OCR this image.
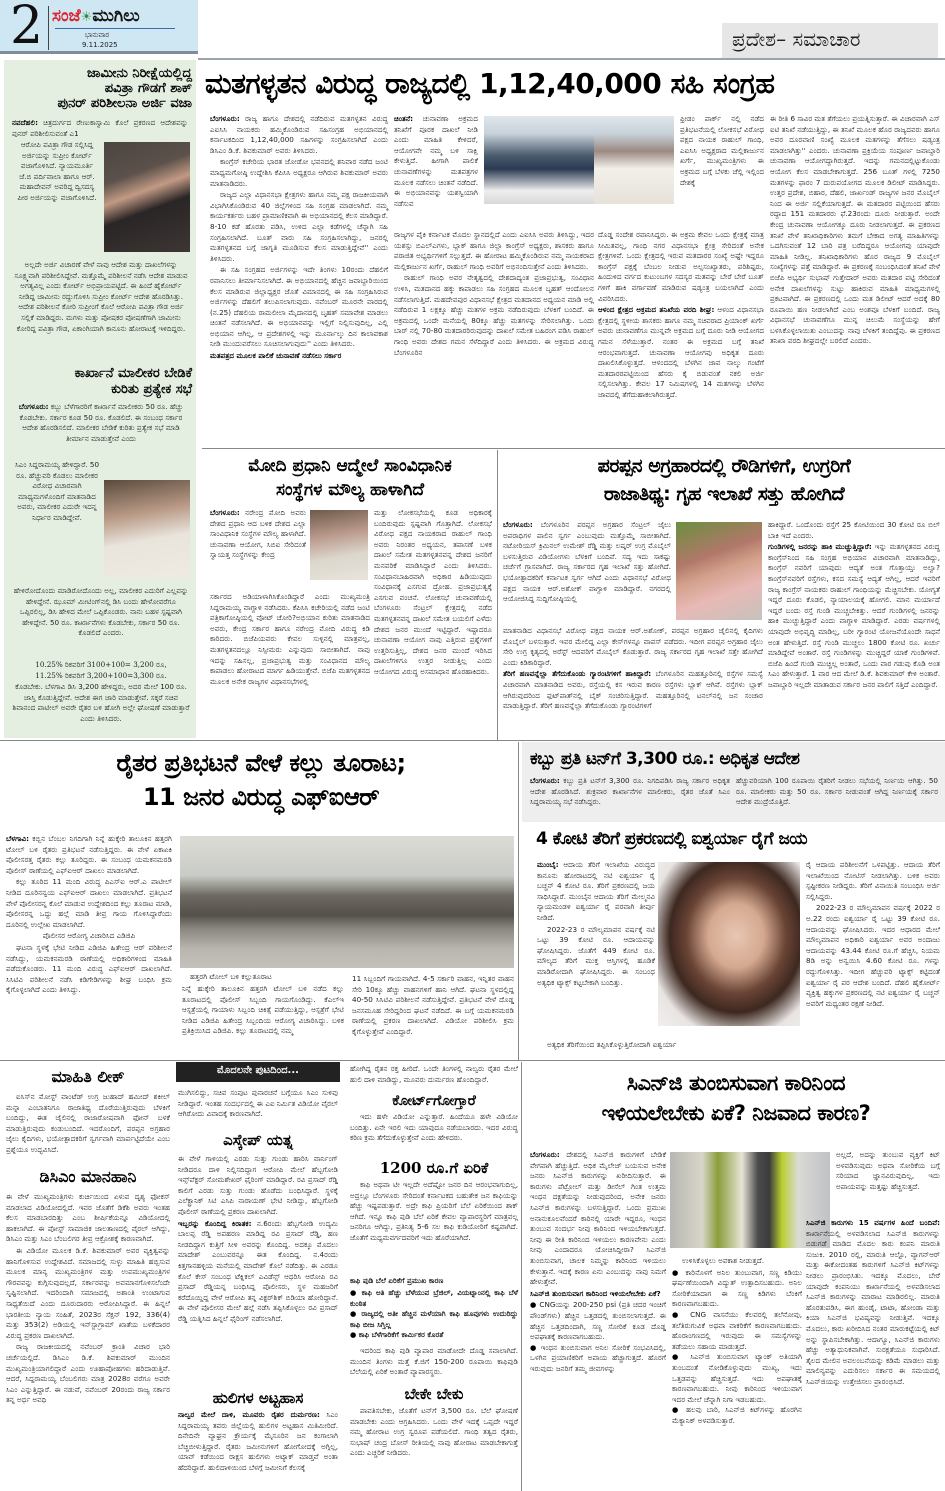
2 ಸಂಜೆ☀ಮುಗಿಲು
ಭಾನುವಾರ
9.11.2025	ಪ್ರದೇಶ– ಸಮಾಚಾರ
ಜಾಮೀನು ನಿರೀಕ್ಷೆಯಲ್ಲಿದ್ದ
ಪವಿತ್ರಾ ಗೌಡಗೆ ಶಾಕ್
ಪುನರ್ ಪರಿಶೀಲನಾ ಅರ್ಜಿ ವಜಾ
ನವದೆಹಲಿ: ಚಿತ್ರದುರ್ಗದ ರೇಣುಕಾಸ್ವಾಮಿ ಕೊಲೆ ಪ್ರಕರಣದ ಆದೇಶವನ್ನು ಪುನರ್ ಪರಿಶೀಲಿಸುವಂತೆ ಎ1
ಆರೋಪಿ ಪವಿತ್ರಾ ಗೌಡ ಸಲ್ಲಿಸಿದ್ದ ಅರ್ಜಿಯನ್ನು ಸುಪ್ರೀಂ ಕೋರ್ಟ್ ವಜಾಗೊಳಿಸಿದೆ. ನ್ಯಾಯಮೂರ್ತಿ ಜೆ.ಬಿ ಪರ್ದಿವಾಲಾ ಹಾಗೂ ಆರ್. ಮಹಾದೇವನ್ ಅವರಿದ್ದ ದ್ವಿಸದಸ್ಯ ಪೀಠ ಅರ್ಜಿಯನ್ನು ವಜಾಗೊಳಿಸಿದೆ.
ಅಲ್ಲದೇ ಅರ್ಜಿ ವಿಚಾರಣೆ ವೇಳೆ ನಾವು ಆದೇಶ ಮತ್ತು ದಾಖಲೆಗಳನ್ನು ಸೂಕ್ಷ್ಮವಾಗಿ ಪರಿಶೀಲಿಸಿದ್ದೇವೆ. ಮತ್ತೊಮ್ಮೆ ಪರಿಶೀಲನೆ ನಡೆಸಿ ಆದೇಶ ಮಾಡುವ ಅಗತ್ಯವಿಲ್ಲ ಎಂದು ಕೋರ್ಟ್ ಅಭಿಪ್ರಾಯಪಟ್ಟಿದೆ. ಈ ಹಿಂದೆ ಹೈಕೋರ್ಟ್ ನೀಡಿದ್ದ ಜಾಮೀನು ರದ್ದುಗೊಳಿಸಿ ಸುಪ್ರೀಂ ಕೋರ್ಟ್ ಆದೇಶ ಹೊರಡಿಸಿತ್ತು. ಆದೇಶ ಪರಿಶೀಲನೆ ಕೋರಿ ಸುಪ್ರೀಂಗೆ ಕೊಲೆ ಆರೋಪಿ ಪವಿತ್ರಾ ಗೌಡ ಅರ್ಜಿ ಸಲ್ಲಿಕೆ ಮಾಡಿದ್ದರು. ಮಗಳು ಮತ್ತು ಪೋಷಕರ ಪೋಷಣೆಗಾಗಿ ಜಾಮೀನು ಕೋರಿದ್ದ ಪವಿತ್ರಾ ಗೌಡ, ಏಕಾಂಗಿಯಾಗಿ ಕಾನೂನು ಹೋರಾಟಕ್ಕೆ ಇಳಿದಿದ್ದರು.
ಕಾರ್ಖಾನೆ ಮಾಲೀಕರ ಬೇಡಿಕೆ
ಕುರಿತು ಪ್ರತ್ಯೇಕ ಸಭೆ
ಬೆಂಗಳೂರು: ಕಬ್ಬು ಬೆಳೆಗಾರರಿಗೆ ಕಾರ್ಖಾನೆ ಮಾಲೀಕರು 50 ರೂ. ಹೆಚ್ಚು ಕೊಡಬೇಕು. ಸರ್ಕಾರ ಕೂಡ 50 ರೂ. ಕೊಡಲಿದೆ. ಈ ಸಂಬಂಧ ಸರ್ಕಾರ ಆದೇಶ ಹೊರಡಿಸಲಿದೆ. ಮಾಲೀಕರ ಬೇಡಿಕೆ ಕುರಿತು ಪ್ರತ್ಯೇಕ ಸಭೆ ಮಾಡಿ ತೀರ್ಮಾನ ಮಾಡುತ್ತೇವೆ ಎಂದು
ಸಿಎಂ ಸಿದ್ದರಾಮಯ್ಯ ಹೇಳಿದ್ದಾರೆ. 50 ರೂ. ಹೆಚ್ಚುವರಿ ಕೊಡಲು ಮಾಲೀಕರ ವಿರೋಧ ವಿಚಾರವಾಗಿ ಮಾಧ್ಯಮಗಳೊಂದಿಗೆ ಮಾತನಾಡಿದ ಅವರು, ಮಾಲೀಕರ ಎದುರೇ ಇದನ್ನ ನಿರ್ಧಾರ ಮಾಡಿದ್ದೇವೆ.
ಹೇಳಿರೋದೊಂದು ಮಾಡಿರೋದೊಂದು ಅಲ್ಲ, ಮಾಲೀಕರ ಎದುರಿಗೆ ಎಲ್ಲವನ್ನು ಹೇಳಿದ್ದೇನೆ. ಝೂಮ್ ಮೀಟಿಂಗ್‌ನಲ್ಲಿ ಡಿಸಿ ಬಂದು ಹೇಳೋವರೆಗೂ ಒಪ್ಪಿರಲಿಲ್ಲ, ಡಿಸಿ ಹೇಳಿದ ಮೇಲೆ ಒಪ್ಪಿಕೊಂಡರು. ನಾನು ಬಹಳ ಸ್ಪಷ್ಟವಾಗಿ ಹೇಳಿದ್ದೇನೆ. 50 ರೂ. ಕಾರ್ಖಾನೆಗಳು ಕೊಡಬೇಕು, ಸರ್ಕಾರ 50 ರೂ. ಕೊಡಲಿದೆ ಎಂದರು.
10.25% ರಿಕವರಿಗೆ 3100+100= 3,200 ರೂ,
11.25% ರಿಕವರಿಗೆ 3,200+100=3,300 ರೂ.
ಕೊಡಬೇಕು. ಬೆಳಗಾವಿ ಡಿಸಿ 3,200 ಹೇಳಿದ್ದರು, ಅದರ ಮೇಲೆ 100 ರೂ. ಜಾಸ್ತಿ ಕೊಡುತ್ತಿದ್ದೇವೆ. ಆದೇಶ ಈಗ ಜಾರಿ ಮಾಡುತ್ತೇವೆ. ಸಕ್ಕರೆ ಸಚಿವ ಶಿವಾನಂದ ಪಾಟೀಲ್ ಅವರೇ ರೈತರ ಬಳಿ ಹೋಗಿ ಅಲ್ಲೇ ಘೋಷಣೆ ಮಾಡುತ್ತಾರೆ ಎಂದು ತಿಳಿಸಿದರು.
ಮತಗಳ್ಳತನ ವಿರುದ್ಧ ರಾಜ್ಯದಲ್ಲಿ 1,12,40,000 ಸಹಿ ಸಂಗ್ರಹ

ಬೆಂಗಳೂರು: ರಾಜ್ಯ ಹಾಗೂ ದೇಶದಲ್ಲಿ ನಡೆದಿರುವ ಮತಗಳ್ಳತನ ವಿರುದ್ಧ ಎಐಸಿಸಿ ನಾಯಕರು ಹಮ್ಮಿಕೊಂಡಿರುವ ಸಹಿಸಂಗ್ರಹ ಅಭಿಯಾನದಲ್ಲಿ ಕರ್ನಾಟಕದಿಂದ 1,12,40,000 ಸಹಿಗಳನ್ನು ಸಂಗ್ರಹಿಸಲಾಗಿದೆ ಎಂದು ಡಿಸಿಎಂ ಡಿ.ಕೆ. ಶಿವಕುಮಾರ್ ಅವರು ತಿಳಿಸಿದರು.

ಕಾಂಗ್ರೆಸ್ ಕಚೇರಿಯ ಭಾರತ ಜೋಡೋ ಭವನದಲ್ಲಿ ಶನಿವಾರ ನಡೆದ ಜಂಟಿ ಮಾಧ್ಯಮಗೋಷ್ಠಿ ಉದ್ದೇಶಿಸಿ ಕೆಪಿಸಿಸಿ ಅಧ್ಯಕ್ಷರೂ ಆಗಿರುವ ಶಿವಕುಮಾರ್ ಅವರು ಮಾತನಾಡಿದರು.

ರಾಜ್ಯದ ಎಲ್ಲಾ ವಿಧಾನಸಭಾ ಕ್ಷೇತ್ರಗಳು ಹಾಗೂ ನಮ್ಮ ಪಕ್ಷ ರಾಜಕೀಯವಾಗಿ ವಿಭಾಗಿಸಿಕೊಂಡಿರುವ 40 ಜಿಲ್ಲೆಗಳಿಂದ ಸಹಿ ಸಂಗ್ರಹ ಮಾಡಲಾಗಿದೆ. ನಮ್ಮ ಕಾರ್ಯಕರ್ತರು ಬಹಳ ಪ್ರಾಮಾಣಿಕವಾಗಿ ಈ ಅಭಿಯಾನದಲ್ಲಿ ಕೆಲಸ ಮಾಡಿದ್ದಾರೆ. 8-10 ಕಡೆ ಹೊರತು ಪಡಿಸಿ, ಉಳಿದ ಎಲ್ಲಾ ಕಡೆಗಳಲ್ಲಿ ಚೆನ್ನಾಗಿ ಸಹಿ ಸಂಗ್ರಹಿಸಲಾಗಿದೆ. ಬೂತ್ ವಾರು ಸಹಿ ಸಂಗ್ರಹಿಸಲಾಗಿದ್ದು, ಜನರಲ್ಲಿ ಮತಗಳ್ಳತನದ ಬಗ್ಗೆ ಜಾಗೃತಿ ಮೂಡಿಸುವ ಕೆಲಸ ಮಾಡುತ್ತಿದ್ದೇವೆ'' ಎಂದು ತಿಳಿಸಿದರು.

ಈ ಸಹಿ ಸಂಗ್ರಹದ ಅರ್ಜಿಗಳನ್ನು ಇದೇ ತಿಂಗಳು 10ರಂದು ದೆಹಲಿಗೆ ರವಾನಿಸಲು ತೀರ್ಮಾನಿಸಲಾಗಿದೆ. ಈ ಅಭಿಯಾನದಲ್ಲಿ ಹೆಚ್ಚಿನ ಜವಾಬ್ದಾರಿಯಿಂದ ಕೆಲಸ ಮಾಡಿರುವ ಜಿಲ್ಲಾಧ್ಯಕ್ಷರ ಜೊತೆ ವಿಮಾನದಲ್ಲಿ ಈ ಸಹಿ ಸಂಗ್ರಹಿಸಿರುವ ಅರ್ಜಿಗಳನ್ನು ದೆಹಲಿಗೆ ತಲುಪಿಸಲಾಗುವುದು. ನವೆಂಬರ್ ಮೂರನೇ ವಾರದಲ್ಲಿ (ನ.25) ದೆಹಲಿಯ ರಾಮಲೀಲಾ ಮೈದಾನದಲ್ಲಿ ಬೃಹತ್ ಸಮಾವೇಶ ಮಾಡಲು ಚಿಂತನೆ ನಡೆಸಲಾಗಿದೆ. ಈ ಅಭಿಯಾನವನ್ನು ಇಲ್ಲಿಗೆ ನಿಲ್ಲಿಸುವುದಿಲ್ಲ, ಎಲ್ಲಿ ಅಭಿಯಾನ ಆಗಿಲ್ಲ, ಆ ಪ್ರದೇಶಗಳಲ್ಲಿ ಇನ್ನು ಮೂರ್ನಾಲ್ಕು ದಿನ ಕಾಲಾವಕಾಶ ನೀಡಿ ಮುಂದುವರೆಸಲು ಸೂಚಿಸಲಾಗುವುದು'' ಎಂದು ತಿಳಿಸಿದರು.

ಮತಪತ್ರದ ಮೂಲಕ ಪಾಲಿಕೆ ಚುನಾವಣೆ ನಡೆಸಲು ಸರ್ಕಾರ

ಚಿಂತನೆ: ಚುನಾವಣಾ ಅಕ್ರಮದ ತನಿಖೆಗೆ ಪೂರಕ ದಾಖಲೆ ನೀಡಿ ಎಂದು ಮಾಹಿತಿ ಕೇಳಿದರೆ, ಆಯೋಗವೇ ನಮ್ಮ ಬಳಿ ಸಾಕ್ಷಿ ಕೇಳುತ್ತಿದೆ. ಹೀಗಾಗಿ ಪಾಲಿಕೆ ಚುನಾವಣೆಗಳನ್ನು ಮತಪತ್ರಗಳ ಮೂಲಕ ನಡೆಸಲು ಚಿಂತನೆ ನಡೆದಿದೆ. ಈ ಅಭಿಯಾನವನ್ನು ಯಶಸ್ವಿಯಾಗಿ ನಡೆಸುವ

ರಾಜ್ಯಗಳ ಪೈಕಿ ಕರ್ನಾಟಕ ಮೊದಲ ಸ್ಥಾನದಲ್ಲಿದೆ ಎಂದು ಎಐಸಿಸಿ ಅವರು ತಿಳಿಸಿದ್ದು, ಇದರ ಯಶಸ್ಸು ಬಿಎಲ್‌ಎಗಳು, ಬ್ಲಾಕ್ ಹಾಗೂ ಜಿಲ್ಲಾ ಕಾಂಗ್ರೆಸ್ ಅಧ್ಯಕ್ಷರು, ಶಾಸಕರು ಹಾಗೂ ಪರಾಜಿತ ಅಭ್ಯರ್ಥಿಗಳಿಗೆ ಸಲ್ಲುತ್ತದೆ. ಈ ಹೋರಾಟ ಹಮ್ಮಿಕೊಂಡಿರುವ ನಮ್ಮ ನಾಯಕರಾದ ಮಲ್ಲಿಕಾರ್ಜುನ ಖರ್ಗೆ, ರಾಹುಲ್ ಗಾಂಧಿ ಅವರಿಗೆ ಅಭಿನಂದಿಸುತ್ತೇನೆ ಎಂದು ತಿಳಿಸಿದರು.

ರಾಹುಲ್ ಗಾಂಧಿ ಅವರ ನೇತೃತ್ವದಲ್ಲಿ ದೇಶದಾದ್ಯಂತ ಪ್ರಜಾಪ್ರಭುತ್ವ, ಸಂವಿಧಾನ ಉಳಿಸಿ, ಮತದಾನದ ಹಕ್ಕು ಕಾಪಾಡಲು ಸಹಿ ಸಂಗ್ರಹದ ಮೂಲಕ ಬೃಹತ್ ಆಂದೋಲನ ನಡೆಸಲಾಗುತ್ತಿದೆ. ಮಹದೇವಪುರ ವಿಧಾನಸಭೆ ಕ್ಷೇತ್ರದ ಮತದಾನದ ಅಧ್ಯಯನ ಮಾಡಿ ಅಲ್ಲಿ ನಡೆದಿರುವ 1 ಲಕ್ಷಕ್ಕೂ ಹೆಚ್ಚು ಮತಗಳ ಅಕ್ರಮ ನಡೆದಿರುವುದು ಬೆಳಕಿಗೆ ಬಂದಿದೆ. ಈ ಅಕ್ರಮದಲ್ಲಿ ಒಂದೇ ಮನೆಯಲ್ಲಿ 80ಕ್ಕೂ ಹೆಚ್ಚು ಮತಗಳನ್ನು ಸೇರಿಸಲಾಗಿತ್ತು. ಒಂದು ಬಾರ್ ನಲ್ಲಿ 70-80 ಮತದಾರರಿರುವುದನ್ನು ದಾಖಲೆ ಸಮೇತ ಬಹಿರಂಗ ಪಡಿಸಿ ರಾಹುಲ್ ಗಾಂಧಿ ಅವರು ದೇಶದ ಗಮನ ಸೆಳೆದಿದ್ದಾರೆ ಎಂದು ತಿಳಿಸಿದರು. ಈ ಅಕ್ರಮದ ವಿರುದ್ಧ ಬೆಂಗಳೂರಿನ

ಫ್ರೀಡಂ ಪಾರ್ಕ್ ನಲ್ಲಿ ನಡೆದ ಪ್ರತಿಭಟನೆಯಲ್ಲಿ ಲೋಕಸಭೆ ವಿರೋಧ ಪಕ್ಷದ ನಾಯಕ ರಾಹುಲ್ ಗಾಂಧಿ, ಎಐಸಿಸಿ ಅಧ್ಯಕ್ಷರಾದ ಮಲ್ಲಿಕಾರ್ಜುನ ಖರ್ಗೆ, ಮುಖ್ಯಮಂತ್ರಿಗಳು ಈ ಅಕ್ರಮದ ಬಗ್ಗೆ ಬೆಳಕು ಚೆಲ್ಲಿ ಇಲ್ಲಿಂದ ದೇಶಕ್ಕೆ

ದೊಡ್ಡ ಸಂದೇಶ ರವಾನಿಸಿದ್ದರು. ಈ ಅಕ್ರಮ ಕೇವಲ ಒಂದು ಕ್ಷೇತ್ರಕ್ಕೆ ಮಾತ್ರ ಸೀಮಿತವಲ್ಲ, ಗಾಂಧಿ ನಗರ ವಿಧಾನಸಭಾ ಕ್ಷೇತ್ರ ಸೇರಿದಂತೆ ಅನೇಕ ಕ್ಷೇತ್ರಗಳಿವೆ. ಒಂದು ಕ್ಷೇತ್ರದಲ್ಲಿ ಇರುವ ಮತದಾರರ ಸಂಖ್ಯೆ ಅಷ್ಟೇ ಇದ್ದರೂ ಕಾಂಗ್ರೆಸ್ ಪಕ್ಷಕ್ಕೆ ಬೆಂಬಲ ನೀಡುವ ಅಲ್ಪಸಂಖ್ಯಾತರು, ಪರಿಶಿಷ್ಟರು, ಹಿಂದುಳಿದ ವರ್ಗದ ಕುಟುಂಬಗಳ ಸದಸ್ಯರ ಮತವನ್ನು ಬೇರೆ ಬೇರೆ ಬೂತ್ ಗಳಿಗೆ ಹಾಕಿ ವರ್ಗಾವಣೆ ಮಾಡಿರುವ ಷಡ್ಯಂತ್ರ ಬಯಲಾಗಿದೆ ಎಂದು ವಿವರಿಸಿದರು.

ಆಳಂದ ಕ್ಷೇತ್ರದ ಅಕ್ರಮದ ತನಿಖೆಯ ವರದಿ ಶೀಘ್ರ: ಆಳಂದ ವಿಧಾನಸಭಾ ಕ್ಷೇತ್ರದಲ್ಲಿ ಸ್ಥಳೀಯ ಶಾಸಕರು ಹಾಗೂ ನಮ್ಮ ಸಚಿವರಾದ ಪ್ರಿಯಾಂಕ್ ಖರ್ಗೆ ಅವರು ಚುನಾವಣೆಗೂ ಮುನ್ನವೇ ಅಕ್ರಮದ ಬಗ್ಗೆ ದೂರು ನೀಡಿ ಆಯೋಗದ ಗಮನ ಸೆಳೆಯುತ್ತಾರೆ. ನಂತರ ಈ ಅಕ್ರಮದ ಬಗ್ಗೆ ತನಿಖೆ ಆರಂಭವಾಗುತ್ತದೆ. ಚುನಾವಣಾ ಆಯೋಗವು ಅಧಿಕೃತ ದೂರು ದಾಖಲಿಸಿಕೊಳ್ಳುತ್ತದೆ. ಆಳಂದದಲ್ಲಿ ಬೆಳಗಿನ ಜಾವ ನಾಲ್ಕು ಗಂಟೆಗೆ ಮತದಾರರಪಟ್ಟಿಯಿಂದ ಹೆಸರು ಕೈ ಬಿಡುವಂತೆ ನಕಲಿ ಅರ್ಜಿ ಸಲ್ಲಿಸಲಾಗಿತ್ತು. ಕೇವಲ 17 ನಿಮಿಷಗಳಲ್ಲಿ 14 ಮತಗಳನ್ನು ಬೆಳಗಿನ ಜಾವದಲ್ಲಿ ತೆಗೆದುಹಾಕಲಾಗಿರುತ್ತದೆ.

ಈ ರೀತಿ 6 ಸಾವಿರ ಮತ ತೆಗೆಯಲು ಪ್ರಯತ್ನಿಸುತ್ತಾರೆ. ಈ ವಿಚಾರವಾಗಿ ಎಸ್ ಐಟಿ ತನಿಖೆ ನಡೆಯುತ್ತಿದ್ದು, ಈ ತನಿಖೆ ಮೂಲಕ ಹೊರ ರಾಜ್ಯದವರು ಹಾಗೂ ಅವರ ದೂರವಾಣಿ ಸಂಖ್ಯೆ ಮೂಲಕ ಮತಗಳನ್ನು ತೆಗೆಸಲು ಷಡ್ಯಂತ್ರ ಮಾಡಲಾಗಿತ್ತು'' ಎಂದರು. ಚುನಾವಣಾ ಪ್ರಕ್ರಿಯೆಯ ಸಂಪೂರ್ಣ ಜವಾಬ್ದಾರಿ ಚುನಾವಣಾ ಆಯೋಗದ್ದಾಗಿರುತ್ತದೆ. ಇದನ್ನು ಗಮನದಲ್ಲಿಟ್ಟುಕೊಂಡು ಆಯೋಗ ಕೆಲಸ ಮಾಡಬೇಕಾಗುತ್ತದೆ. 256 ಬೂತ್ ಗಳಲ್ಲಿ 7250 ಮತಗಳನ್ನು ಫಾರಂ 7 ದುರುಪಯೋಗದ ಮೂಲಕ ಡಿಲೀಟ್ ಮಾಡಿಸಿದ್ದರು. ಉತ್ತರ ಪ್ರದೇಶ, ಬಿಹಾರ, ದೆಹಲಿ, ಜಾರ್ಖಂಡ್ ರಾಜ್ಯಗಳ ಜನರ ಮೊಬೈಲ್ ನಿಂದ ಈ ಅರ್ಜಿ ಸಲ್ಲಿಕೆಯಾಗುತ್ತದೆ. ಈ ಮತದಾರರ ಪಟ್ಟಿಯಿಂದ ಹೆಸರು ರದ್ದಾದ 151 ಮತದಾರರು ಫೆ.23ರಂದು ದೂರು ನೀಡುತ್ತಾರೆ. ಅಂದೇ ಕೇಂದ್ರ ಚುನಾವಣಾ ಆಯೋಗಕ್ಕೂ ದೂರು ನೀಡಲಾಗುತ್ತದೆ. ಈ ಪ್ರಕರಣದ ತನಿಖೆ ವೇಳೆ ತನಿಖಾಧಿಕಾರಿಗಳು ತಮಗೆ ಬೇಕಾದ ಅಗತ್ಯ ಮಾಹಿತಿಗಳನ್ನು ಒದಗಿಸುವಂತೆ 12 ಬಾರಿ ಪತ್ರ ಬರೆದಿದ್ದರೂ ಆಯೋಗವು ಯಾವುದೇ ಮಾಹಿತಿ ನೀಡಿಲ್ಲ. ತನಿಖಾಧಿಕಾರಿಗಳು ಹೊರ ರಾಜ್ಯದ 9 ಮೊಬೈಲ್ ಸಂಖ್ಯೆಗಳನ್ನು ಪತ್ತೆ ಮಾಡಿದ್ದಾರೆ. ಈ ಪ್ರಕರಣಕ್ಕೆ ಸಂಬಂಧಿಸಿದಂತೆ ತನಿಖೆ ವೇಳೆ ಬಿಜೆಪಿ ಅಭ್ಯರ್ಥಿ ಸುಭಾಷ್ ಗುತ್ತೇದಾರ್ ಅವರು ಮತದಾರ ಪಟ್ಟಿ ಸೇರಿದಂತೆ ಅನೇಕ ದಾಖಲೆಗಳನ್ನು ಸುಟ್ಟು ಹಾಕಿರುವ ಮಾಹಿತಿ ಮಾಧ್ಯಮಗಳಲ್ಲಿ ಪ್ರಕಟವಾಗಿದೆ. ಈ ಪ್ರಕರಣದಲ್ಲಿ ಒಂದು ಮತ ಡಿಲೀಟ್ ಆದರೆ ಅದಕ್ಕೆ 80 ರೂಪಾಯಿ ಹಣ ನೀಡಲಾಗಿದೆ ಎಂಬ ಅಂಶವೂ ಬೆಳಕಿಗೆ ಬಂದಿದೆ. ರಾಜ್ಯ ವಿಧಾನಸಭೆ ಚುನಾವಣೆಗೂ ಮುನ್ನ ಚಿಲುಮೆ ಸಂಸ್ಥೆಯನ್ನು ಹೇಗೆ ಬಳಸಿಕೊಳ್ಳಲಾಯಿತು ಎಂಬುದನ್ನು ನಾವು ಬೆಳಕಿಗೆ ತಂದಿದ್ದೆವು. ಈ ಪ್ರಕರಣದ ತನಿಖಾ ವರದಿ ಶೀಘ್ರದಲ್ಲೇ ಬರಲಿದೆ ಎಂದರು.
ಮೋದಿ ಪ್ರಧಾನಿ ಆದ್ಮೇಲೆ ಸಾಂವಿಧಾನಿಕ
ಸಂಸ್ಥೆಗಳ ಮೌಲ್ಯ ಹಾಳಾಗಿದೆ
ಬೆಂಗಳೂರು: ನರೇಂದ್ರ ಮೋದಿ ಅವರು ದೇಶದ ಪ್ರಧಾನಿ ಆದ ಬಳಿಕ ದೇಶದ ಎಲ್ಲಾ ಸಾಂವಿಧಾನಿಕ ಸಂಸ್ಥೆಗಳ ಮೌಲ್ಯ ಹಾಳಾಗಿದೆ. ಚುನಾವಣಾ ಆಯೋಗ, ಸಿಬಿಐ ಸೇರಿದಂತೆ ಸ್ವಾಯತ್ತ ಸಂಸ್ಥೆಗಳನ್ನು ಕೇಂದ್ರ
ಸರ್ಕಾರದ ಅಡಿಯಾಳಾಗಿಸಿಕೊಂಡಿದ್ದಾರೆ ಎಂದು ಮುಖ್ಯಮಂತ್ರಿ ಸಿದ್ದರಾಮಯ್ಯ ವಾಗ್ದಾಳಿ ನಡೆಸಿದರು. ಕೆಪಿಸಿಸಿ ಕಚೇರಿಯಲ್ಲಿ ನಡೆದ ಜಂಟಿ ಪತ್ರಿಕಾಗೋಷ್ಠಿಯಲ್ಲಿ ವೋಟ್ ಚೋರಿ?ಅಭಿಯಾನ ಕುರಿತು ಮಾತನಾಡಿದ ಅವರು, ಕೇಂದ್ರ ಸರ್ಕಾರ ಹಾಗೂ ನರೇಂದ್ರ ಮೋದಿ ವಿರುದ್ಧ ಕಿಡಿ ಕಾರಿದರು. ಬಿಜೆಪಿಯವರು ಕೇವಲ ಸುಳ್ಳಿನಲ್ಲಿ ಮಾತ್ರವಲ್ಲ, ಮತಗಳ್ಳತನದಲ್ಲೂ ನಿಸ್ಸೀಮರು ಎನ್ನುವುದು ಸಾಬೀತಾಗಿದೆ. ನಾವು ಇದನ್ನು ಸಹಿಸಲ್ಲ, ಪ್ರಜಾಪ್ರಭುತ್ವ ಮತ್ತು ಸಂವಿಧಾನದ ಮೌಲ್ಯ ಕಾಪಾಡಲು ಹೋರಾಟದ ಮಾರ್ಗ ಹಿಡಿಯುತ್ತೇವೆ. ಬಿಜೆಪಿ ಮತಗಳ್ಳತನದ ಮೂಲಕ ಅನೇಕ ರಾಜ್ಯಗಳ ವಿಧಾನಸಭೆಗಳಲ್ಲಿ
ಮತ್ತು ಲೋಕಸಭೆಯಲ್ಲಿ ಕೂಡ ಅಧಿಕಾರಕ್ಕೆ ಬಂದಿರುವುದು ಸ್ಪಷ್ಟವಾಗಿ ಗೊತ್ತಾಗಿದೆ. ಲೋಕಸಭೆ ವಿರೋಧ ಪಕ್ಷದ ನಾಯಕರಾದ ರಾಹುಲ್ ಗಾಂಧಿ ಅವರು ನಿರಂತರ ಅಧ್ಯಯನ, ತಪಾಸಣೆ ಬಳಿಕ ದಾಖಲೆ ಸಮೇತ ಮತಗಳ್ಳತನವನ್ನ ದೇಶದ ಜನರಿಗೆ ಮನವರಿಕೆ ಮಾಡಿಸಿದ್ದಾರೆ ಎಂದು ತಿಳಿಸಿದರು. ಸಂವಿಧಾನಬಾಹಿರವಾಗಿ ಅಧಿಕಾರ ಹಿಡಿಯುವುದು ಸಂವಿಧಾನಕ್ಕೆ ಎಸಗುವ ದ್ರೋಹ. ಪ್ರಜಾಪ್ರಭುತ್ವಕ್ಕೆ ಎಸಗುವ ವಂಚನೆ. ಲೋಕಸಭೆ ಚುನಾವಣೆಯಲ್ಲಿ ಬೆಂಗಳೂರು ಸೆಂಟ್ರಲ್ ಕ್ಷೇತ್ರದಲ್ಲಿ ನಡೆದ ಮತಗಳ್ಳತನವನ್ನ ದಾಖಲೆ ಸಮೇತ ಬಯಲಿಗೆ ಎಳೆದು ದೇಶದ ಜನರ ಮುಂದೆ ಇಟ್ಟಿದ್ದಾರೆ. ಇಷ್ಟಾದರೂ ಚುನಾವಣಾ ಆಯೋಗ ನಾವು ಎತ್ತಿರುವ ಪ್ರಶ್ನೆಗಳಿಗೆ ಉತ್ತರಿಸುತ್ತಿಲ್ಲ, ದೇಶದ ಜನರ ಮುಂದೆ ಇರಿಸಿದ ದಾಖಲೆಗಳಿಗೂ ಉತ್ತರ ನೀಡುತ್ತಿಲ್ಲ ಎಂದು ಆಯೋಗದ ವಿರುದ್ಧ ಅಸಮಾಧಾನ ಹೊರಹಾಕಿದರು.
ಪರಪ್ಪನ ಅಗ್ರಹಾರದಲ್ಲಿ ರೌಡಿಗಳಿಗೆ, ಉಗ್ರರಿಗೆ
ರಾಜಾತಿಥ್ಯ: ಗೃಹ ಇಲಾಖೆ ಸತ್ತು ಹೋಗಿದೆ
ಬೆಂಗಳೂರು: ಬೆಂಗಳೂರಿನ ಪರಪ್ಪನ ಅಗ್ರಹಾರ ಸೆಂಟ್ರಲ್ ಜೈಲು ಅಪರಾಧಿಗಳ ಪಾಲಿನ ಸ್ವರ್ಗ ಎಂಬುವುದು ಮತ್ತೊಮ್ಮೆ ಸಾಬೀತಾಗಿದೆ. ನಟೋರಿಯಸ್ ಕ್ರಿಮಿನಲ್ ಉಮೇಶ್ ರೆಡ್ಡಿ ಮತ್ತು ಲಷ್ಕರ್ ಉಗ್ರ ಮೊಬೈಲ್ ಬಳಸುತ್ತಿರುವ ವಿಡಿಯೋಗಳು ಬೆಳಕಿಗೆ ಬಂದಿವೆ. ಸದ್ಯ ಇದು ಸಾಕಷ್ಟು ಚರ್ಚೆಗೆ ಗ್ರಾಸವಾಗಿದೆ. ರಾಜ್ಯ ಸರ್ಕಾರದ ಗೃಹ ಇಲಾಖೆ ಸತ್ತು ಹೋಗಿದೆ. ಭಯೋತ್ಪಾದಕರಿಗೆ ಕರ್ನಾಟಕ ಸ್ವರ್ಗ ಆಗಿದೆ ಎಂದು ವಿಧಾನಸಭೆ ವಿರೋಧ ಪಕ್ಷದ ನಾಯಕ ಆರ್.ಅಶೋಕ್ ವಾಗ್ದಾಳಿ ಮಾಡಿದ್ದಾರೆ. ನಗರದಲ್ಲಿ ಆಯೋಜಿಸಿದ್ದ ಸುದ್ದಿಗೋಷ್ಠಿಯಲ್ಲಿ

ಮಾತನಾಡಿದ ವಿಧಾನಸಭೆ ವಿರೋಧ ಪಕ್ಷದ ನಾಯಕ ಆರ್.ಅಶೋಕ್, ಪರಪ್ಪನ ಅಗ್ರಹಾರ ಜೈಲಿನಲ್ಲಿ ಕೈದಿಗಳು ಮೊಬೈಲ್ ಬಳಸುತ್ತಾರೆ. ಇವರ ಮೇಲಿದ್ದ ಎಲ್ಲಾ ಕೇಸ್‌ಗಳನ್ನೂ ವಾಪಸ್ ಪಡೆದರು. ಇದೀಗ ಪರಪ್ಪನ ಅಗ್ರಹಾರ ಜೈಲು ಸೇರಿ ಉಗ್ರ ಕೃತ್ಯದಲ್ಲಿ ಅರೆಸ್ಟ್ ಆದವರಿಗೆ ಮೊಬೈಲ್ ಕೊಡುತ್ತಾರೆ. ರಾಜ್ಯ ಸರ್ಕಾರದ ಗೃಹ ಇಲಾಖೆ ಸತ್ತೇ ಹೋಗಿದೆ ಎಂದು ಕಿಡಿಕಾರಿದ್ದಾರೆ.

ತೆರಿಗೆ ಹಣವನ್ನೆಲ್ಲಾ ತೆಗೆದುಕೊಂಡು ಗ್ಯಾರಂಟಿಗಳಿಗೆ ಹಾಕಿದ್ದಾರೆ: ಬೆಂಗಳೂರಿನ ಮಹತ್ತೂರಿನಲ್ಲಿ ರಸ್ತೆಗಳ ಸಮಸ್ಯೆ ವಿಚಾರವಾಗಿ ಮಾತನಾಡಿದ ಅವರು, ರಸ್ತೆಯಲ್ಲಿ ಕಸ ಇರುವ ಕಾರಣ ರಸ್ತೆಗಳು ಬ್ಲಾಕ್ ಆಗಿವೆ. ರಸ್ತೆಗಳು ಬ್ಲಾಕ್ ಆಗಿರುವುದರಿಂದ ಫುಟ್‌ಪಾತ್‌ನಲ್ಲಿ ಬೈಕ್ ಸಂಚರಿಸುತ್ತಿದ್ದಾರೆ. ಮಹತ್ತೂರಿನಲ್ಲಿ ಟನಲ್‌ನಲ್ಲಿ ಜನ ಸಂಚಾರ ಮಾಡುತ್ತಿದ್ದಾರೆ. ತೆರಿಗೆ ಹಣವನ್ನೆಲ್ಲಾ ತೆಗೆದುಕೊಂಡು ಗ್ಯಾರಂಟಿಗಳಿಗೆ

ಹಾಕಿದ್ದಾರೆ. ಒಂದೊಂದು ರಸ್ತೆಗೆ 25 ಕೋಟಿಯಿಂದ 30 ಕೋಟಿ ರೂ ಬಿಲ್ ಬಾಕಿ ಇದೆ ಎಂದರು.

ಗುಂಡಿಗಳಲ್ಲಿ ಜನರನ್ನು ಹಾಕಿ ಮುಚ್ಚುತ್ತಿದ್ದಾರೆ: ಇನ್ನು ಮತಗಳ್ಳತನದ ವಿರುದ್ಧ ಕಾಂಗ್ರೆಸ್‌ನಿಂದ ಸಹಿ ಸಂಗ್ರಹ ಅಭಿಯಾನ ವಿಚಾರವಾಗಿ ಮಾತನಾಡಿದ್ದು, ಕಾಂಗ್ರೆಸ್ ನವರಿಗೆ ಯಾವುದು ಆದ್ಯತೆ ಅಂತ ಗೊತ್ತಾಯ್ತು ಅಲ್ವಾ? ಕಾಂಗ್ರೆಸ್‌ನವರಿಗೆ ರಸ್ತೆಗಳು, ಕಸದ ಸಮಸ್ಯೆ ಆದ್ಯತೆ ಆಗಿಲ್ಲ, ಆದರೆ ಇವರಿಗೆ ರಾಜ್ಯ ಕಾಂಗ್ರೆಸ್ ನಾಯಕರು ರಾಹುಲ್ ಗಾಂಧಿಯನ್ನು ಮೆಚ್ಚಿಸಬೇಕು. ಯೋಗ್ಯತೆ ಇದ್ದರೆ ದೂರು ಕೊಡಲಿ, ನ್ಯಾಯಾಲಯಕ್ಕೆ ಹೋಗಲಿ. ಮಾನ ಮರ್ಯಾದೆ ಇದ್ದರೆ ಬಂದು ರಸ್ತೆ ಗುಂಡಿ ಮುಚ್ಚಬೇಕಿತ್ತು. ಆದರೆ ಗುಂಡಿಗಳಲ್ಲಿ ಜನರನ್ನು ಹಾಕಿ ಮುಚ್ಚುತ್ತಿದ್ದಾರೆ ಎಂದು ವಾಗ್ದಾಳಿ ಮಾಡಿದ್ದಾರೆ. ಎರಡು ವರ್ಷಗಳಲ್ಲಿ ಯಾವುದೇ ಅಭಿವೃದ್ಧಿ ಮಾಡಿಲ್ಲ, ಬರೀ ಗ್ಯಾರಂಟಿ ಯೋಜನೆಯೊಂದೇ ಸಾಧನೆ ಅಂತ ಹೇಳುತ್ತಿದೆ. ರಸ್ತೆ ಗುಂಡಿ ಮುಚ್ಚಲು 1800 ಕೋಟಿ ರೂ. ಖರ್ಚು ಮಾಡಿದ್ದೇವೆ ಅಂತಾರೆ. ರಸ್ತೆ ಗುಂಡಿಗಳನ್ನು ಮುಚ್ಚಿದ್ದರೆ ಯಾಕೆ ಗುಂಡಿಗಳಿವೆ. ಬಿಜೆಪಿ ಹಿಂದೆ ಗುಂಡಿ ಮುಚ್ಚಿಲ್ಲ ಅಂತಾರೆ, ಒಂದು ವಾರ ಗಡುವು ಕೊಡಿ ಅಂತ ಸಿಎಂ ಹೇಳುತ್ತಾರೆ. 1 ವಾರ ಆದ ಮೇಲೆ ಡಿ.ಕೆ. ಶಿವಕುಮಾರ್ ಕೇಳಿ ಅಂತಾರೆ. ಜವಾಬ್ದಾರಿ ಇಲ್ಲದೇ ಮಾತಾಡುವ ಸರ್ಕಾರ ಜನರ ಪಾಲಿಗೆ ಸತ್ತಿದೆ ಎಂದಿದ್ದಾರೆ.

ರೈತರ ಪ್ರತಿಭಟನೆ ವೇಳೆ ಕಲ್ಲು ತೂರಾಟ;
11 ಜನರ ವಿರುದ್ಧ ಎಫ್‌ಐಆರ್

ಬೆಳಗಾವಿ: ಕಬ್ಬಿನ ಬೆಂಬಲ ನಿಗದಿಗಾಗಿ ನಿನ್ನೆ ಹುಕ್ಕೇರಿ ತಾಲೂಕಿನ ಹತ್ತರಗಿ ಟೋಲ್ ಬಳಿ ರೈತರು ಪ್ರತಿಭಟನೆ ನಡೆಸುತ್ತಿದ್ದರು. ಈ ವೇಳೆ ಏಕಾಏಕಿ ಪೊಲೀಸರತ್ತ ರೈತರು ಕಲ್ಲು ತೂರಿದ್ದರು. ಈ ಸಂಬಂಧ ಯಮಕನಮರಡಿ ಪೊಲೀಸ್ ಠಾಣೆಯಲ್ಲಿ ಎಫ್‌ಐಆರ್ ದಾಖಲು ಮಾಡಲಾಗಿದೆ.

ಕಲ್ಲು ತೂರಿದ 11 ಮಂದಿ ವಿರುದ್ಧ ಪಿಎಸ್ಐ ಆರ್.ಎ ಪಾಟೀಲ್ ನೀಡಿದ ದೂರಿನನ್ವಯ ಎಫ್‌ಐಆರ್ ದಾಖಲು ಮಾಡಲಾಗಿದೆ. ಪ್ರತಿಭಟನೆ ವೇಳೆ ಪೊಲೀಸರನ್ನ ಕೊಲೆ ಮಾಡುವ ಉದ್ದೇಶದಿಂದ ಕಲ್ಲು ತೂರಾಟ ಮಾಡಿ, ಪೊಲೀಸರನ್ನ ಒದ್ದು ಹಲ್ಲೆ ಮಾಡಿ ತೀವ್ರ ಗಾಯ ಗೊಳಿಸಿದ್ದಾರೆಂದು ದೂರಿನಲ್ಲಿ ಉಲ್ಲೇಖ ಮಾಡಲಾಗಿದೆ.

ಪೊಲೀಸರ ಆರೋಗ್ಯ ವಿಚಾರಿಸಿದ ಎಡಿಜಿಪಿ

ಘಟನಾ ಸ್ಥಳಕ್ಕೆ ಭೇಟಿ ನೀಡಿದ ಎಡಿಜಿಪಿ ಹಿತೇಂದ್ರ ಆರ್ ಪರಿಶೀಲನೆ ನಡೆಸಿದ್ದು, ಯಮಕನಮರಡಿ ಠಾಣೆಯಲ್ಲಿ ಅಧಿಕಾರಿಗಳಿಂದ ಮಾಹಿತಿ ಪಡೆದುಕೊಂಡರು. 11 ಮಂದಿ ವಿರುದ್ಧ ಎಫ್‌ಐಆರ್ ದಾಖಲಾಗಿದೆ. ಸಿಸಿಟಿವಿ ಪರಿಶೀಲನೆ ನಡೆಸಿ ಕಿಡಿಗೇಡಿಗಳನ್ನು ಶೀಘ್ರ ಬಂಧಿಸಿ ಕ್ರಮ ಕೈಗೊಳ್ಳಲಾಗಿದೆ ಎಂದು ತಿಳಿಸಿದ್ದು.

ಹತ್ತರಗಿ ಟೋಲ್ ಬಳಿ ಕಲ್ಲುತೂರಾಟ
ನಿನ್ನೆ ಹುಕ್ಕೇರಿ ತಾಲೂಕಿನ ಹತ್ತರಗಿ ಟೋಲ್ ಬಳಿ ನಡೆದ ಕಲ್ಲು ತೂರಾಟದಲ್ಲಿ ಪೊಲೀಸ್ ಸಿಬ್ಬಂದಿ ಗಾಯಗೊಂಡಿದ್ದು. ಕೆಎಲ್‌ಇ ಆಸ್ಪತ್ರೆಯಲ್ಲಿ ಗಾಯಾಳು ಸಿಬ್ಬಂದಿ ಚಿಕಿತ್ಸೆ ಪಡೆಯುತ್ತಿದ್ದು, ಆಸ್ಪತ್ರೆಗೆ ಭೇಟಿ ನೀಡಿದ ಎಡಿಜಿಪಿ ಹಿತೇಂದ್ರ ಸಿಬ್ಬಂದಿಯ ಆರೋಗ್ಯ ವಿಚಾರಿಸಿದ್ದು. ಬಳಿಕ ಪ್ರತಿಕ್ರಿಯಿಸಿದ ಎಡಿಜಿಪಿ. ಕಲ್ಲು ತೂರಾಟದಲ್ಲಿ ನಮ್ಮ
11 ಸಿಬ್ಬಂದಿಗೆ ಗಾಯವಾಗಿದೆ. 4-5 ಸರ್ಕಾರಿ ವಾಹನ, ಇನ್ನಿತರ ವಾಹನ ಸೇರಿ 10ಕ್ಕೂ ಹೆಚ್ಚು ವಾಹನಗಳಿಗೆ ಹಾನಿ ಆಗಿದೆ. ಘಟನಾ ಸ್ಥಳದಲ್ಲಿದ್ದ 40-50 ಸಿಸಿಟಿವಿ ಪರಿಶೀಲನೆ ನಡೆಸುತ್ತಿದ್ದೇವೆ. ಪ್ರತಿಭಟನೆ ವೇಳೆ ದೊಡ್ಡ ಜನಸಮೂಹ ಸೇರಿದ್ದರಿಂದ ಘಟನೆ ನಡೆದಿದೆ. ಈ ಬಗ್ಗೆ ಯಮಕನಮರಡಿ ಠಾಣೆಯಲ್ಲಿ ಪ್ರಕರಣ ದಾಖಲಾಗಿದೆ. ವಿಡಿಯೋ ಪರಿಶೀಲಿಸಿ ಕ್ರಮ ಕೈಗೊಳ್ಳುತ್ತೇವೆ ಎಂದಿದ್ದಾರೆ.
ಕಬ್ಬು ಪ್ರತಿ ಟನ್‌ಗೆ 3,300 ರೂ.: ಅಧಿಕೃತ ಆದೇಶ
ಬೆಂಗಳೂರು: ಕಬ್ಬು ಪ್ರತಿ ಟನ್‌ಗೆ 3,300 ರೂ. ನಿಗದಿಪಡಿಸಿ ರಾಜ್ಯ ಸರ್ಕಾರ ಅಧಿಕೃತ ಆದೇಶ ಹೊರಡಿಸಿದೆ. ಶುಕ್ರವಾರ ಕಾರ್ಖಾನೆಗಳ ಮಾಲೀಕರು, ರೈತರ ಜೊತೆ ಸಿಎಂ ಸಿದ್ದರಾಮಯ್ಯ ಸಭೆ ನಡೆಸಿದ್ದರು.
ಹೆಚ್ಚುವರಿಯಾಗಿ 100 ರೂಪಾಯಿ ರೈತರಿಗೆ ನೀಡಲು ಸಭೆಯಲ್ಲಿ ನಿರ್ಣಯ ಆಗಿತ್ತು. 50 ರೂ. ಮಾಲೀಕರು ಮತ್ತು 50 ರೂ. ಸರ್ಕಾರ ನೀಡುವಂತೆ ಆಗಿದ್ದ ನಿರ್ಣಯಕ್ಕೆ ಸರ್ಕಾರ ಆದೇಶ ಮುದ್ರೆಯೊತ್ತಿದೆ.
4 ಕೋಟಿ ತೆರಿಗೆ ಪ್ರಕರಣದಲ್ಲಿ ಐಶ್ವರ್ಯಾ ರೈಗೆ ಜಯ

ಮುಂಬೈ: ಆದಾಯ ತೆರಿಗೆ ಇಲಾಖೆಯ ವಿರುದ್ಧದ ಕಾನೂನು ಹೋರಾಟದಲ್ಲಿ ನಟಿ ಐಶ್ವರ್ಯಾ ರೈ ಬಚ್ಚನ್ 4 ಕೋಟಿ ರೂ. ತೆರಿಗೆ ಪ್ರಕರಣದಲ್ಲಿ ಜಯ ಸಾಧಿಸಿದ್ದಾರೆ. ಮುಂಬೈನ ಆದಾಯ ತೆರಿಗೆ ಮೇಲ್ಮನವಿ ನ್ಯಾಯಮಂಡಳಿ ಐಶ್ವರ್ಯಾ ರೈ ಪರವಾಗಿ ತೀರ್ಪು ನೀಡಿದೆ.

2022-23 ರ ಮೌಲ್ಯಮಾಪನ ವರ್ಷಕ್ಕೆ ನಟಿ ಒಟ್ಟು 39 ಕೋಟಿ ರೂ. ಆದಾಯವನ್ನು ಘೋಷಿಸಿದ್ದರು. ಜೊತೆಗೆ 449 ಕೋಟಿ ರೂ. ಮೌಲ್ಯದ ತೆರಿಗೆ ಮುಕ್ತ ಆಸ್ತಿಗಳಲ್ಲಿ ಹೂಡಿಕೆ ಮಾಡಿರೋದಾಗಿ ಘೋಷಿಸಿದ್ದರು. ಈ ಸಂಬಂಧ ಅತ್ಯಧಿಕ ಟ್ಯಾಕ್ಸ್ ಕಟ್ಟಬೇಕಾಗಿ ಬಂದಿತ್ತು.

ಅತ್ಯಧಿಕ ತೆರಿಗೆಯಿಂದ ತಪ್ಪಿಸಿಕೊಳ್ಳುತ್ತಿರೋದಾಗಿ ಐಶ್ವರ್ಯಾ

ರೈ ಆದಾಯ ಪರಿಶೀಲನೆಗೆ ಒಳಪಟ್ಟಿತ್ತು. ಆದಾಯ ತೆರಿಗೆ ಇಲಾಖೆಯಿಂದ ನೋಟಿಸ್ ನೀಡಲಾಗಿತ್ತು. ಬಳಿಕ ಅವರು ಸ್ಪಷ್ಟೀಕರಣ ನೀಡಿದ್ದರು. ತೆರಿಗೆ ವಿನಾಯಿತಿ ಸಂಬಂಧಿಸಿ ಅರ್ಜಿ ಸಲ್ಲಿಸಿದ್ದರು.

2022-23 ರ ಮೌಲ್ಯಮಾಪನ ವರ್ಷಕ್ಕೆ 2022 ರ ಅ.22 ರಂದು ಐಶ್ವರ್ಯಾ ರೈ ಒಟ್ಟು 39 ಕೋಟಿ ರೂ. ಆದಾಯವನ್ನು ಘೋಷಿಸಿದರು. ಇದರ ಆಧಾರದ ಮೇಲೆ ಮೌಲ್ಯಮಾಪನ ಅಧಿಕಾರಿ ಐಶ್ವರ್ಯಾ ಅವರ ಅಂದಾಜು ಆದಾಯವನ್ನು 43.44 ಕೋಟಿ ರೂ.ಗೆ ಹೆಚ್ಚಿಸಿ, ನಿಯಮ 8ಡಿ ಅನ್ನು ಅನ್ವಯಿಸಿ 4.60 ಕೋಟಿ ರೂ. ಗಳನ್ನು ರದ್ದುಗೊಳಿಸಿತ್ತು. ಇದೀಗ ಹೆಚ್ಚುವರಿ ಟ್ಯಾಕ್ಸ್ ಕಟ್ಟಿದಂತೆ ಐಶ್ವರ್ಯಾ ರೈ ಪರ ಆದೇಶ ಬಂದಿದೆ. ದೆಹಲಿ ಹೈಕೋರ್ಟ್ ವ್ಯಕ್ತಿತ್ವ ಹಕ್ಕುಗಳ ಪ್ರಕರಣದಲ್ಲಿ ನಟಿ ಐಶ್ವರ್ಯಾ ರೈ ಬಚ್ಚನ್ ಅವರಿಗೆ ಮಧ್ಯಂತರ ರಕ್ಷಣೆ ನೀಡಿದೆ.

ಮಾಹಿತಿ ಲೀಕ್
ಐಸಿಸ್‌ನ ಮೋಸ್ಟ್ ವಾಂಟೆಡ್ ಉಗ್ರ ಜುಹಾದ್ ಹಮೀದ್ ಶಕೀಲ್ ಮನ್ನಾ ಎಂಬಾತನಿಗೂ ರಾಜಾತಿಥ್ಯ ದೊರೆಯುತ್ತಿರುವುದು ಬೆಳಕಿಗೆ ಬಂದಿದ್ದು, ಈತ ಜೈಲಿನಲ್ಲಿ ರಾಜಾರೋಷವಾಗಿ ಫೋನ್ ಬಳಕೆ ಮಾಡುತ್ತಿರುವುದು ಕಂಡುಬಂದಿದೆ. ಇದರೊಂದಿಗೆ, ಪರಪ್ಪನ ಅಗ್ರಹಾರ ಜೈಲು ಕೈದಿಗಳು, ಭಯೋತ್ಪಾದಕರಿಗೆ ಸ್ವರ್ಗವಾಗಿ ಮಾರ್ಪಟ್ಟಿದೆಯೇ ಎಂಬ ಪ್ರಶ್ನೆಯೂ ಉದ್ಭವಿಸಿದೆ.
ಡಿಸಿಎಂ ಮಾನಹಾನಿ

ಈ ವೇಳೆ ಮುಖ್ಯಮಂತ್ರಿಗಳು ಕುರ್ಚಿಯಿಂದ ಏಳುವ ದೃಶ್ಯ ಫೋಕಸ್ ಮಾಡಲಾದ ವಿಡಿಯೋದಲ್ಲಿದೆ. ಇವರ ಜೊತೆಗೆ ಡಿಕೆಶಿ ಅವರು ಇಂತಹ ಕೆಲಸ ಮಾಡಬಾರದಿತ್ತು ಎಂಬ ಶೀರ್ಷಿಕೆಯನ್ನೂ ವಿಡಿಯೋದಲ್ಲಿ ಹಾಕಲಾಗಿದೆ. ಈ ಪೋಸ್ಟ್ ಸಾಮಾಜಿಕ ಜಾಲತಾಣದಲ್ಲಿ ವೈರಲ್ ಆಗಿದ್ದು, ಡಿಸಿಎಂ ಮತ್ತು ಸಿಎಂ ಬೆಂಬಲಿಗರ ತೀವ್ರ ಆಕ್ರೋಶಕ್ಕೆ ಕಾರಣವಾಗಿದೆ.

ಈ ವಿಡಿಯೋ ಮೂಲಕ ಡಿ.ಕೆ. ಶಿವಕುಮಾರ್ ಅವರ ವ್ಯಕ್ತಿತ್ವವನ್ನು ಹಾನಿಗೊಳಿಸುವ ಉದ್ದೇಶವಿದೆ. ಸಮಾಜದಲ್ಲಿ ಸುಳ್ಳು ಮಾಹಿತಿ ಹಬ್ಬಿಸುವ ಮೂಲಕ ಮಾನ್ಯ ಮುಖ್ಯಮಂತ್ರಿಗಳ ಮತ್ತು ಉಪಮುಖ್ಯಮಂತ್ರಿಗಳ ಗೌರವವನ್ನು ಕುಗ್ಗಿಸುವುದಲ್ಲದೆ, ಸರ್ಕಾರವನ್ನು ಅವಮಾನಗೊಳಿಸಲೆಂದೇ ಸೃಷ್ಟಿಸಲಾಗಿದೆ. ಇದರಿಂದಾಗಿ ಸಮಾಜದಲ್ಲಿ ಅಶಾಂತಿ ಉಂಟಾಗುವ ಸಾಧ್ಯತೆಯಿದೆ ಎಂದು ದೂರುದಾರರು ಆರೋಪಿಸಿದ್ದಾರೆ. ಈ ಹಿನ್ನಲೆ ಭಾರತೀಯ ನ್ಯಾಯ ಸಂಹಿತೆ, 2023ರ ಸೆಕ್ಷನ್ 192, 336(4) ಮತ್ತು 353(2) ಅಡಿಯಲ್ಲಿ ಇನ್‌ಸ್ಟಾಗ್ರಾಮ್ ಖಾತೆಯ ಬಳಕೆದಾರರ ವಿರುದ್ಧ ಪ್ರಕರಣ ದಾಖಲಾಗಿದೆ.

ರಾಜ್ಯ ರಾಜಕೀಯದಲ್ಲಿ ನವೆಂಬರ್ ಕ್ರಾಂತಿ ವಿಚಾರ ಭಾರಿ ಚರ್ಚೆಯಲ್ಲಿದೆ. ಡಿಸಿಎಂ ಡಿ.ಕೆ. ಶಿವಕುಮಾರ್ ಮುಂದಿನ ಮುಖ್ಯಮಂತ್ರಿಯಾಗಲಿದ್ದಾರೆ ಎಂದು ಊಹಾಪೋಹಗಳು ಹರಿದಾಡುತ್ತಿವೆ. ಆದರೆ, ಸಿದ್ದರಾಮಯ್ಯ ಬೆಂಬಲಿಗರು ಮಾತ್ರ 2028ರ ವರೆಗೂ ಅವರೇ ಸಿಎಂ ಎನ್ನುತ್ತಿದ್ದಾರೆ. ಈ ನಡುವೆ, ನವೆಂಬರ್ 20ರಂದು ರಾಜ್ಯ ಸರ್ಕಾರ ತನ್ನ ಅರ್ಧ ಅವಧಿ

ಮೊದಲನೇ ಪುಟದಿಂದ...
ಮುಗಿಸಲಿದ್ದು, ಸಚಿವ ಸಂಪುಟ ಪುನಾರಚನೆ ಬಗ್ಗೆಯೂ ಸಿಎಂ ಸುಳಿವು ನೀಡಿದ್ದಾರೆ. ಇಂತಹ ಸಂದರ್ಭದಲ್ಲಿ ಈ ಎಐ ನಿರ್ಮಿತ ವಿಡಿಯೋ ವೈರಲ್ ಆಗಿರೋದು ವಿವಾದಕ್ಕೆ ಕಾರಣವಾಗಿದೆ.
ಎಸ್ಕೇಪ್ ಯತ್ನ

ಈ ವೇಳೆ ಗಾಳಿಯಲ್ಲಿ ಎರಡು ಸುತ್ತು ಗುಂಡು ಹಾರಿಸಿ ವಾರ್ನಿಂಗ್ ನೀಡಿದರೂ ದಾಳಿ ನಿಲ್ಲಿಸದಿದ್ದಾಗ ಆರೋಪಿ ಮೇಲೆ ಹೆಬ್ಬಗೋಡಿ ಇನ್ಸ್‌ಪೆಕ್ಟರ್ ಸೋಮಶೇಖರ್ ಫೈರಿಂಗ್ ಮಾಡಿದ್ದಾರೆ. ರವಿ ಪ್ರಸಾದ್ ರೆಡ್ಡಿ ಕಾಲಿಗೆ ಎರಡು ಸುತ್ತು ಗುಂಡು ಹೊಡೆದು ಬಂಧಿಸಿದ್ದಾರೆ. ಸ್ಥಳಕ್ಕೆ ಎಲೆಕ್ಟ್ರಾನಿಕ್ ಸಿಟಿ ಎಸಿಪಿ ನಾರಾಯಣ್ ಭೇಟಿ ನೀಡಿದ್ದು, ಹೆಬ್ಬಗೋಡಿ ಪೊಲೀಸ್ ಠಾಣೆಯಲ್ಲಿ ಪ್ರಕರಣ ದಾಖಲಾಗಿದೆ.

ಇಬ್ಬರನ್ನು ಕೊಂದಿದ್ದ ಕಿರಾತಕ: ನ.6ರಂದು ಹೆಬ್ಬಗೋಡಿ ಉದ್ಯಮಿ ಬಾಲಪ್ಪ ರೆಡ್ಡಿ ಅಪಹರಣ ಮಾಡಿದ್ದ ರವಿ ಪ್ರಸಾದ್ ರೆಡ್ಡಿ, ಹಣ ನೀಡದಿದ್ದಾಗ ಕುತ್ತಿಗೆ ಸೀಳಿ ಅವರನ್ನು ಕೊಂದಿದ್ದ. ಅದಕ್ಕೂ ಮೊದಲು ಮಾದೇಶ್ ಎಂಬುವರನ್ನೂ ಈತ ಕೊಂದಿದ್ದ. ನ.4ರಂದು ಕಿತ್ತಗಾನಹಳ್ಳಿಯ ಮನೆಯಲ್ಲಿ ಮಾದೇಶ್ ಕೊಲೆ ನಡೆದಿತ್ತು. ಈ ಎರಡೂ ಕೊಲೆ ಕೇಸ್ ಸಂಬಂಧ ಟೆಕ್ನಿಕಲ್ ಎವಿಡೆನ್ಸ್ ಆಧರಿಸಿ ಆರೋಪಿ ರವಿ ಪ್ರಸಾದ್ ರೆಡ್ಡಿಯನ್ನ ಬಂಧಿಸಿದ್ದ ಪೊಲೀಸರು, ಸ್ಥಳ ಮಹಜರಿಗೆ ಕರೆದೊಯ್ದಿದ್ದ ವೇಳೆ ಆರೋಪಿ ತನ್ನ ವಿಕ್ಟರ್‌ಶಿಕ್ ಬಿಡಿಯಾ ಹೋರಿದ್ದಾನೆ. ಈ ವೇಳೆ ಪೊಲೀಸರ ಮೇಲೆ ಹಲ್ಲೆ ನಡೆಸಿ ತಪ್ಪಿಸಿಕೊಳ್ಳಲು ರವಿ ಪ್ರಸಾದ್ ರೆಡ್ಡಿ ಯತ್ನಿಸಿದ ಹಿನ್ನಲೆ ಫೈರಿಂಗ್ ನಡೆಸಲಾಗಿದೆ.

ಹುಲಿಗಳ ಅಟ್ಟಹಾಸ
ನಾಲ್ವರ ಮೇಲೆ ದಾಳಿ, ಮೂವರು ರೈತರ ದುರ್ಮರಣ: ಸಿಎಂ ಸಿದ್ದರಾಮಯ್ಯ ತವರು ಜಿಲ್ಲೆಯಲ್ಲಿ ಹುಲಿಗಳ ಅಟ್ಟಹಾಸ ಮಿತಿಮೀರಿದೆ. ದಿನೇದಿನೇ ವ್ಯಾಘ್ರನ ಕ್ರೌರ್ಯಕ್ಕೆ ಮೈಸೂರಿನ ಜನ ಕಂಗಾಲಾಗಿ ಬೆಚ್ಚಿಬೀಳುತ್ತಿದ್ದಾರೆ. ರೈತರು ಜಮೀನುಗಳಿಗೆ ಹೋಗೋದಕ್ಕೆ ಅಗ್ಗಿಲ್ಲ, ಯಾವ್ ಕಡೆಯಿಂದ ರಾಕ್ಷಸ ಹುಲಿಗಳು ಅಟ್ಯಾಕ್ ಮಾಡ್ತವೆ ಅಂತಾ ಹೆದರಿದ್ದಾರೆ. ಹುಲಿದಾಳಿಯಿಂದ ಬೆಳಗ್ಗೆ ಜಮೀನಿಗೆ ಕೆಲಸಕ್ಕೆ
ಹೋಗಿದ್ದ ರೈತನ ರಕ್ತ ಹೀರಿದೆ. ಒಂದೇ ತಿಂಗಳಲ್ಲಿ ನಾಲ್ವರು ರೈತರ ಮೇಲೆ ಹುಲಿ ದಾಳಿ ಮಾಡಿದ್ದು, ಮೂವರು ದುರ್ಮರಣ ಹೊಂದಿದ್ದಾರೆ.
ಕೋರ್ಟ್‌ಗೋಗ್ತಾರೆ
ಇದು ಹಳೇ ವಿಡಿಯೋ ಎನ್ನುತ್ತಾರೆ. ಹಿಂದೆಯೂ ಹಳೇ ವಿಡಿಯೋ ಬಂದಿತ್ತು. ಏನೇ ಇರಲಿ ಇದು ಯಾವುದೂ ನಡೆಯಬಾರದು. ಇದರ ವಿರುದ್ಧ ಕಠಿಣ ಕ್ರಮ ತೆಗೆದುಕೊಳ್ಳುತ್ತೇವೆ ಎಂದು ಹೇಳಿದರು.
1200 ರೂ.ಗೆ ಏರಿಕೆ
ಕಾಫಿ ಅಥವಾ ಟೀ ಇಲ್ಲದೇ ಅದೆಷ್ಟೋ ಜನರ ದಿನ ಆರಂಭವಾಗುದಿಲ್ಲ, ಅದ್ರಲ್ಲೂ ಬೆಂಗಳೂರು ಸೇರಿದಂತೆ ಕರ್ನಾಟಕದ ಬಹುತೇಕ ಜನ ಕಾಫಿಯನ್ನು ಹೆಚ್ಚು ಇಷ್ಟಪಡುತ್ತಾರೆ. ಅದ್ರೇ ಕಾಫಿ ಪ್ರಿಯರಿಗೆ ಬೆಲೆ ಏರಿಕೆಯಿಂದ ಶಾಕ್ ಆಗಿದೆ. ಇನ್ನೂ ಕಾಫಿ ಪುಡಿ ಬೆಲೆ ಏರಿಕೆ ಕೇವಲ ವ್ಯಾಪಾರಸ್ಥರಿಗೆ ಮಾತ್ರವಲ್ಲ ಜನರಿಗೂ ಆಗಿದ್ದು, ಪ್ರತಿನಿತ್ಯ 5-6 ಸಲ ಕಾಫಿ ಕುಡಿಯೋರಿಗೆ ಕಷ್ಟವಾಗಿದೆ. ಜೊತೆಗೆ ಮಧ್ಯಮವರ್ಗದವರಿಗೆ ಇದು ಹೊರೆಯಾಗಿದೆ.
ಕಾಫಿ ಪುಡಿ ಬೆಲೆ ಏರಿಕೆಗೆ ಪ್ರಮುಖ ಕಾರಣ
● ಕಾಫಿ ಅತಿ ಹೆಚ್ಚು ಬೆಳೆಯುವ ಬ್ರೆಜಿಲ್, ವಿಯಟ್ನಾಂನಲ್ಲಿ ಕಾಫಿ ಬೆಳೆ ಕುಂಠಿತ
● ರಾಜ್ಯದಲ್ಲಿ ಅತೀ ಹೆಚ್ಚಿನ ಮಳೆಯಾಗಿ ಕಾಫಿ ಹೂವುಗಳು ಉದುರಿದ್ದು ಕಾಫಿ ಬೀಜ ಸಿಗ್ತಿಲ್ಲ
● ಕಾಫಿ ಬೆಳೆಗಾರಿಕೆಗೆ ಕಾರ್ಮಿಕರ ಕೊರತೆ
ಇದರಿಂದ ಕಾಫಿ ಪುಡಿ ವ್ಯಾಪಾರ ಮಾಡೋದೇ ದೊಡ್ಡ ಸವಾಲಾಗಿದೆ. ಮುಂದಿನ ತಿಂಗಳು ಮತ್ತೆ ಕೆ.ಜಿಗೆ 150-200 ರೂಪಾಯಿ ಕಾಫಿಪುಡಿ ಬೆಲೆಯಲ್ಲಿ ಏರಿಕೆ ಅಂತಾರೆ ವ್ಯಾಪಾರಸ್ಥರು.
ಬೇಕೇ ಬೇಕು
ಪಾವತಿಸಬೇಕು, ಜೊತೆಗೆ ಟನ್‌ಗೆ 3,500 ರೂ. ಬೆಲೆ ಘೋಷಣೆ ಮಾಡಬೇಕು ಎಂದು ಆಗ್ರಹಿಸಿದರು. ಒಂದು ವೇಳೆ ಇದಕ್ಕೆ ಒಪ್ಪದೇ ಇದ್ದರೆ ನಮ್ಮ ಹೋರಾಟ ಉಗ್ರ ಸ್ವರೂಪ ಪಡೆಯಲಿದೆ. ಗಾಂಧಿ ತತ್ವದ ರೈತರು, ಸುಭಾಷ್ ಚಂದ್ರ ಬೋಸ್ ರೀತಿಯಲ್ಲಿ ನಾವು ಹೋರಾಟ ಮಾಡಬೇಕಾಗುತ್ತೆ ಎಂದು ಎಚ್ಚರಿಕೆ ನೀಡಿದರು.
ಸಿಎನ್‌ಜಿ ತುಂಬಿಸುವಾಗ ಕಾರಿನಿಂದ
ಇಳಿಯಲೇಬೇಕು ಏಕೆ? ನಿಜವಾದ ಕಾರಣ?

ಬೆಂಗಳೂರು: ದೇಶದಲ್ಲಿ ಸಿಎನ್‌ಜಿ ಕಾರುಗಳಿಗೆ ಬೇಡಿಕೆ ವೇಗವಾಗಿ ಹೆಚ್ಚುತ್ತಿದೆ. ಅಧಿಕ ಮೈಲೇಜ್ ಬಯಸುವ ಅನೇಕ ಜನರು ಸಿಎನ್‌ಜಿ ಕಾರುಗಳನ್ನು ಖರೀದಿಸುತ್ತಾರೆ. ಈ ಕಾರುಗಳು ಪೆಟ್ರೋಲ್ ಮತ್ತು ಡೀಸೆಲ್ ಗಿಂತ ಉತ್ತಮ ಇಂಧನ ದಕ್ಷತೆಯನ್ನು ನೀಡುವುದರಿಂದ, ಅನೇಕ ಜನರು ಸಿಎನ್‌ಜಿ ಕಾರುಗಳನ್ನು ಬಳಸುತ್ತಿದ್ದಾರೆ. ಒಂದು ಪ್ರಮುಖ ಅನಾನುಕೂಲವೆಂದರೆ ಕಾರಿನಲ್ಲಿ ಯಾರೇ ಇದ್ದರೂ, ಇಂಧನ ತುಂಬುವ ಸಂದರ್ಭ ನೀವು ಕಾರಿನಿಂದ ಇಳಿಯಬೇಕಾಗುತ್ತದೆ. ನೀವು ಈ ರೀತಿ ಕಾರಿನಿಂದ ಇಳಿಯಲು ಕಾರಣವೇನು ಎಂದು ನೀವು ಎಂದಾದರೂ ಯೋಚಿಸಿದ್ದೀರಾ? ಸಿಎನ್‌ಜಿ ತುಂಬಿಸುವಾಗ, ಚಾಲಕ ನಿಮ್ಮನ್ನು ಕಾರಿನಿಂದ ಇಳಿಯಲು ಕೇಳುತ್ತಾನೆ. ಇದಕ್ಕೆ ಕಾರಣ ಏನು ಎಂಬುದನ್ನು ನಾವು ನಿಮಗೆ ಹೇಳುತ್ತೇವೆ.

ಸಿಎನ್‌ಜಿ ತುಂಬಿಸುವಾಗ ಕಾರಿನಿಂದ ಇಳಿಯಲೇಬೇಕು ಏಕೆ?

● CNGಯನ್ನು 200-250 psi (ಪ್ರತಿ ಚದರ ಇಂಚಿಗೆ ಪೌಂಡ್‌ಗಳು) ಹೆಚ್ಚಿನ ಒತ್ತಡದಲ್ಲಿ ತುಂಬಿಸಲಾಗುತ್ತದೆ. ಈ ಹೆಚ್ಚಿನ ಒತ್ತಡದಿಂದಾಗಿ, ಸಣ್ಣ ಸೋರಿಕೆ ಕೂಡ ದೊಡ್ಡ ಅಪಘಾತಕ್ಕೆ ಕಾರಣವಾಗಬಹುದು.
● ಇಂಧನ ತುಂಬಿಸುವಾಗ ಅನಿಲ ಸೋರಿಕೆ ಸಂಭವಿಸಿದಲ್ಲಿ, ಒಳಗಿನ ಪ್ರಯಾಣಿಕರಿಗೆ ಅಪಾಯ ಹೆಚ್ಚಾಗುತ್ತದೆ. ಹೊರಗೆ ಇರುವುದು ಜನರಿಗೆ ತಮ್ಮ ಜೀವಗಳನ್ನು

ಉಳಿಸಿಕೊಳ್ಳಲು ಅವಕಾಶ ನೀಡುತ್ತದೆ.

● ಕಾರಿನೊಳಗೆ ಅನಿಲ ತುಂಬುವಾಗ, ಸಣ್ಣ ಕಿಡಿಯು ಘರ್ಷಣೆಯಿಂದಾಗಿ ವಿದ್ಯುತ್ ಉತ್ಪಾದಿಸಬಹುದು. ಅನಿಲ ಸೋರಿಕೆಯಾದಾಗ ಈ ಸಣ್ಣ ಕಿಡಿಗಳು ಬೆಂಕಿಗೆ ಕಾರಣವಾಗಬಹುದು.
● CNG ವಾಸನೆಯು ಕೆಲವರಲ್ಲಿ ತಲೆನೋವು, ತಲೆತಿರುಗುವಿಕೆ ಅಥವಾ ವಾಕರಿಕೆಗೆ ಕಾರಣವಾಗಬಹುದು. ಹೊರಾಂಗಣದಲ್ಲಿ ಇರುವುದು ಈ ಸಮಸ್ಯೆಗಳನ್ನು ತಡೆಯಲು ಸಹಾಯ ಮಾಡುತ್ತದೆ.
● ಸಿಎನ್‌ಜಿ ತುಂಬಿಸುವಾಗ ಟ್ಯಾಂಕ್ ಅತಿಯಾಗಿ ತುಂಬದಂತೆ ನೋಡಿಕೊಳ್ಳುವುದು ಮುಖ್ಯ, ಇದು ಒತ್ತಡವನ್ನು ಹೆಚ್ಚಿಸುತ್ತದೆ. ಇದು ಅಪಘಾತಕ್ಕೆ ಕಾರಣವಾಗಬಹುದು. ನೀವು ಕಾರಿನಿಂದ ಇಳಿಯುವಾಗ ಇದರ ಮೇಲೆ ಚೆನ್ನಾಗಿ ನಿಗಾ ಇಡಬಹುದು.
● ಹಲವು ಬಾರಿ, ಸಿಎನ್‌ಜಿ ಕಿಟ್‌ಗಳನ್ನು ಹೊರಗಿನ ಮೆಕ್ಯಾನಿಕ್ ಅಳವಡಿಸುತ್ತಾರೆ.
ಅಲ್ಲದೆ, ಅದನ್ನು ತುಂಬುವ ವ್ಯಕ್ತಿಗೆ ಕಿಟ್ ಅಳವಡಿಸುವುದು ಅಥವಾ ಸೋರಿಕೆಯ ಬಗ್ಗೆ ಸರಿಯಾದ ಜ್ಞಾನವಿರುವುದಿಲ್ಲ, ಇದು ಅಪಾಯವನ್ನು ಮತ್ತಷ್ಟು ಹೆಚ್ಚಿಸುತ್ತದೆ.
ಸಿಎನ್‌ಜಿ ಕಾರುಗಳು 15 ವರ್ಷಗಳ ಹಿಂದೆ ಬಂದಿವೆ: ಕಾರ್ಖಾನೆಯಲ್ಲಿ ಅಳವಡಿಸಲಾದ ಸಿಎನ್‌ಜಿ ಕಾರುಗಳನ್ನು ಬಿಡುಗಡೆ ಮಾಡಿದ ಮೊದಲ ಕಾರು ಕಂಪನಿ ಮಾರುತಿ ಸುಜುಕಿ. 2010 ರಲ್ಲಿ, ಮಾರುತಿ ಆಲ್ಟೊ, ವ್ಯಾಗನ್‌ಆರ್ ಮತ್ತು ಈಕೋದಂತಹ ಕಾರುಗಳಿಗೆ ಸಿಎನ್‌ಜಿ ಕಿಟ್‌ಗಳನ್ನು ನೀಡಲು ಪ್ರಾರಂಭಿಸಿತು. ಇದಕ್ಕೂ ಮೊದಲು, ಬೇರೆ ಯಾವುದೇ ಕಂಪನಿಯು ಕಾರ್ಖಾನೆಯಲ್ಲಿ ಅಳವಡಿಸಲಾದ ಸಿಎನ್‌ಜಿ ಕಾರುಗಳನ್ನು ಮಾರಾಟ ಮಾಡಿರಲಿಲ್ಲ. ಮಾರುತಿ ಹೊರತುಪಡಿಸಿ, ಈಗ ಹುಂಡೈ, ಟಾಟಾ, ಹೋಂಡಾ ಮತ್ತು ಕಿಯಾ ಸಿಎನ್‌ಜಿ ಭವಿಷ್ಯವನ್ನು ನೀಡುತ್ತಿವೆ. ಇದಕ್ಕೂ ಮೊದಲು, ಕಾರು ಖರೀದಿಸಿದ ನಂತರ ಮಾರುಕಟ್ಟೆಯಲ್ಲಿ ಕಿಟ್ ಅನ್ನು ಸ್ಥಾಪಿಸಬೇಕಾಗಿತ್ತು. ಆದಾಗ್ಯೂ, ಸಿಎನ್‌ಜಿ ಕಾರುಗಳು ಹೆಚ್ಚು ಅತ್ಯಾಧುನಿಕವಾಗಿವೆ. ಸುರಕ್ಷತೆಯೂ ಸುಧಾರಿಸಿದೆ. ತೈಲದ ಮೇಲಿನ ಅವಲಂಬನೆಯನ್ನು ಕಡಿಮೆ ಮಾಡಲು ಮತ್ತು ಮಾಲಿನ್ಯವನ್ನು ಎದುರಿಸಲು ಸರ್ಕಾರ ಈ ಸಮಯದಲ್ಲಿ ಸಿಎನ್‌ಜಿಯನ್ನು ಉತ್ತೇಜಿಸಲು ಪ್ರಾರಂಭಿಸಿದೆ.
